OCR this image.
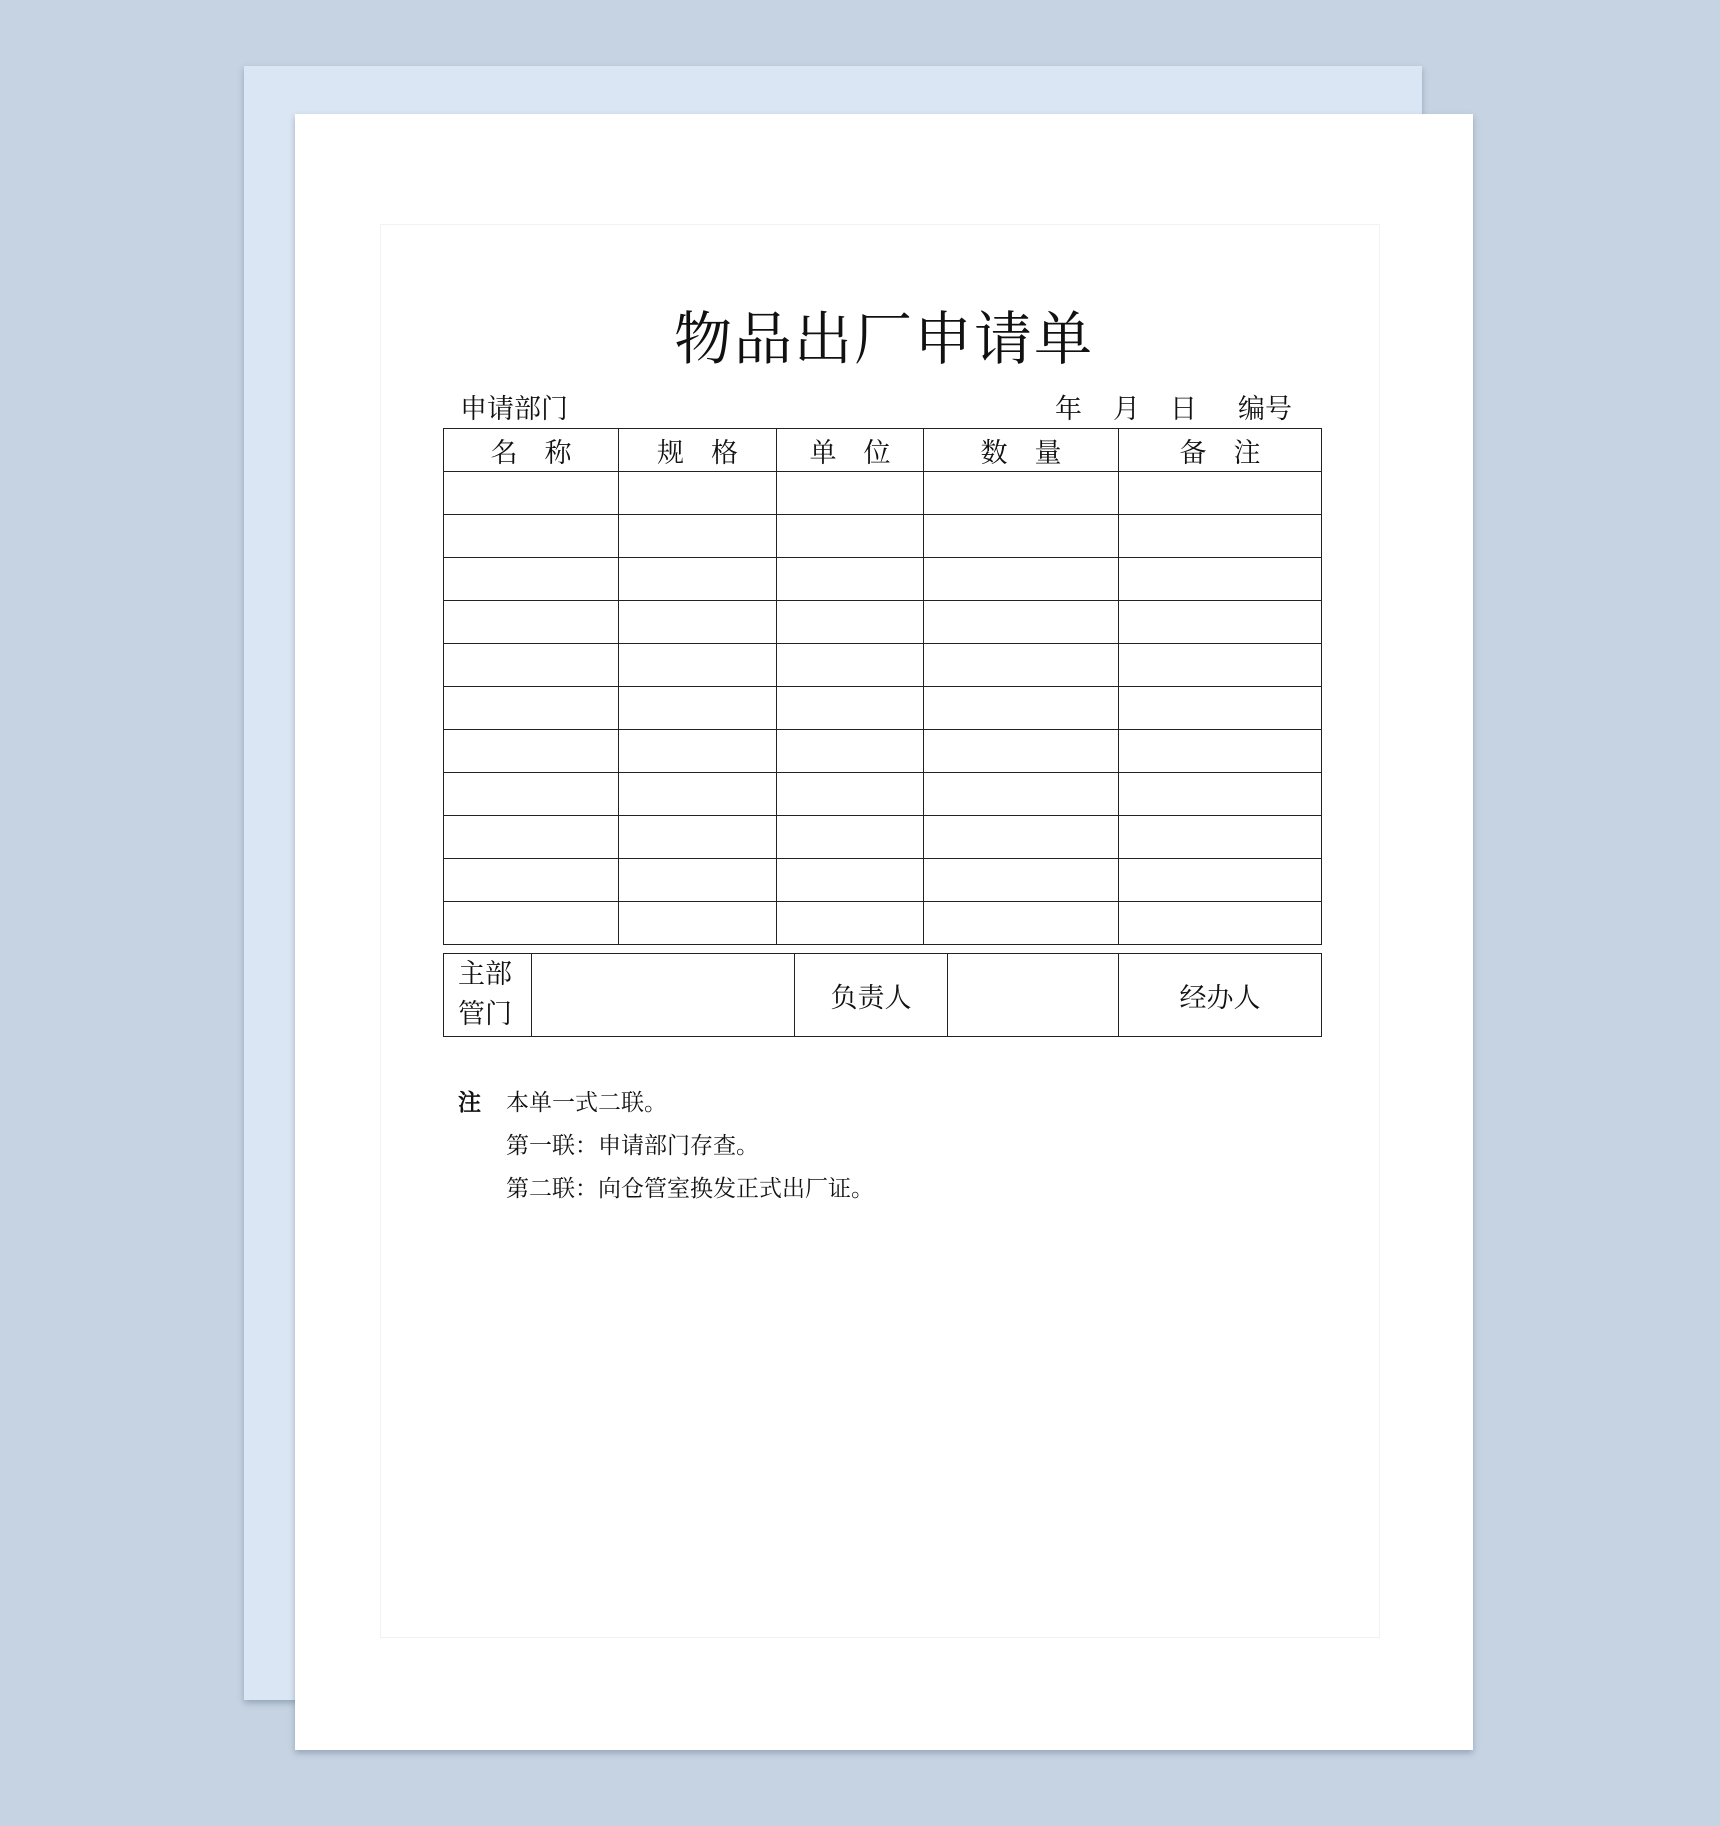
物品出厂申请单
申请部门	年 月 日 编号
名　称	规　格	单　位	数　量	备　注

主部
管门
		负责人		经办人
注 本单一式二联。
第一联：申请部门存查。
第二联：向仓管室换发正式出厂证。
